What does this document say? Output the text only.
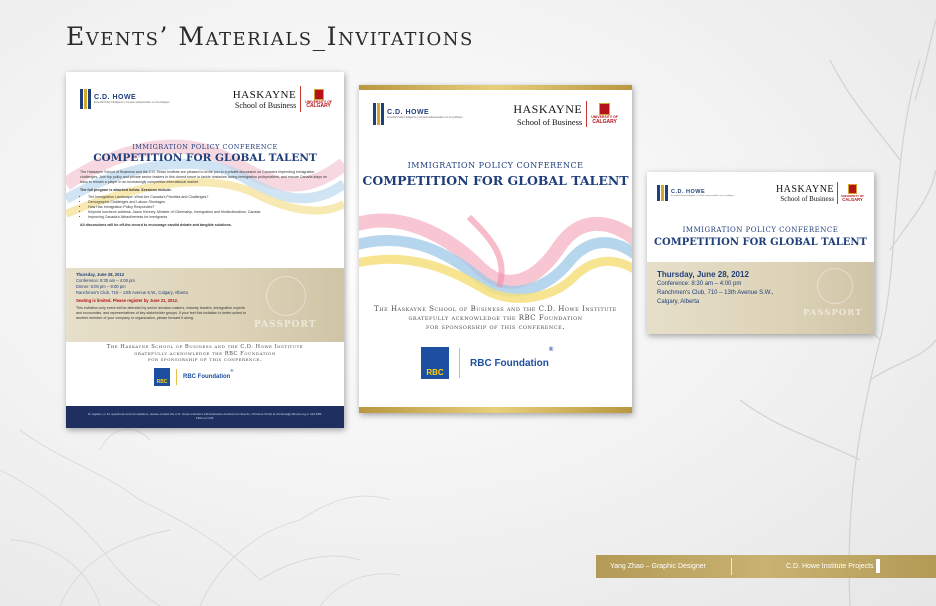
Events’ Materials_Invitations
C.D. HOWE
Essential Policy Intelligence | Conseils indispensables sur les politiques
HASKAYNE
School of Business	UNIVERSITY OF
CALGARY
IMMIGRATION POLICY CONFERENCE
COMPETITION FOR GLOBAL TALENT

The Haskayne School of Business and the C.D. Howe Institute are pleased to invite you to a private discussion on Canada's impending immigration challenges. Join top policy and private sector leaders in this closed forum to tackle obstacles facing immigration policymakers, and ensure Canada stays on track to remain a player in an increasingly competitive international market.

The full program is attached below. Sessions include:

• The Immigration Landscape: What Are Canada's Priorities and Challenges?
• Demographic Challenges and Labour Shortages
• How Has Immigration Policy Responded?
• Keynote luncheon address: Jason Kenney, Minister of Citizenship, Immigration and Multiculturalism, Canada
• Improving Canada's Attractiveness for Immigrants

All discussions will be off-the-record to encourage candid debate and tangible solutions.

PASSPORT
Thursday, June 28, 2012
Conference: 8:30 am – 4:00 pm
Dinner: 6:00 pm – 9:00 pm
Ranchmen's Club, 710 – 13th Avenue S.W., Calgary, Alberta
Seating is limited. Please register by June 21, 2012.
This invitation-only event will be attended by senior decision-makers, industry leaders, immigration experts and economists, and representatives of key stakeholder groups. If your feel this invitation is better-suited to another member of your company or organization, please forward it along.
The Haskayne School of Business and the C.D. Howe Institute
gratefully acknowledge the RBC Foundation
for sponsorship of this conference.
RBC
RBC Foundation
®
To register, or for questions/ accommodations, please contact the C.D. Howe Institute's Administrative Assistant for Events, Christina Christ at christina@cdhowe.org or 416-865-1904 ext 245.
C.D. HOWE
Essential Policy Intelligence | Conseils indispensables sur les politiques
HASKAYNE
School of Business	UNIVERSITY OF
CALGARY
IMMIGRATION POLICY CONFERENCE
COMPETITION FOR GLOBAL TALENT
The Haskayne School of Business and the C.D. Howe Institute
gratefully acknowledge the RBC Foundation
for sponsorship of this conference.
RBC
RBC Foundation
®
C.D. HOWE
Essential Policy Intelligence | Conseils indispensables sur les politiques
HASKAYNE
School of Business UNIVERSITY OF
CALGARY
IMMIGRATION POLICY CONFERENCE
COMPETITION FOR GLOBAL TALENT
PASSPORT
Thursday, June 28, 2012
Conference: 8:30 am – 4:00 pm
Ranchmen's Club, 710 – 13th Avenue S.W.,
Calgary, Alberta
Yang Zhao – Graphic Designer	C.D. Howe Institute Projects
